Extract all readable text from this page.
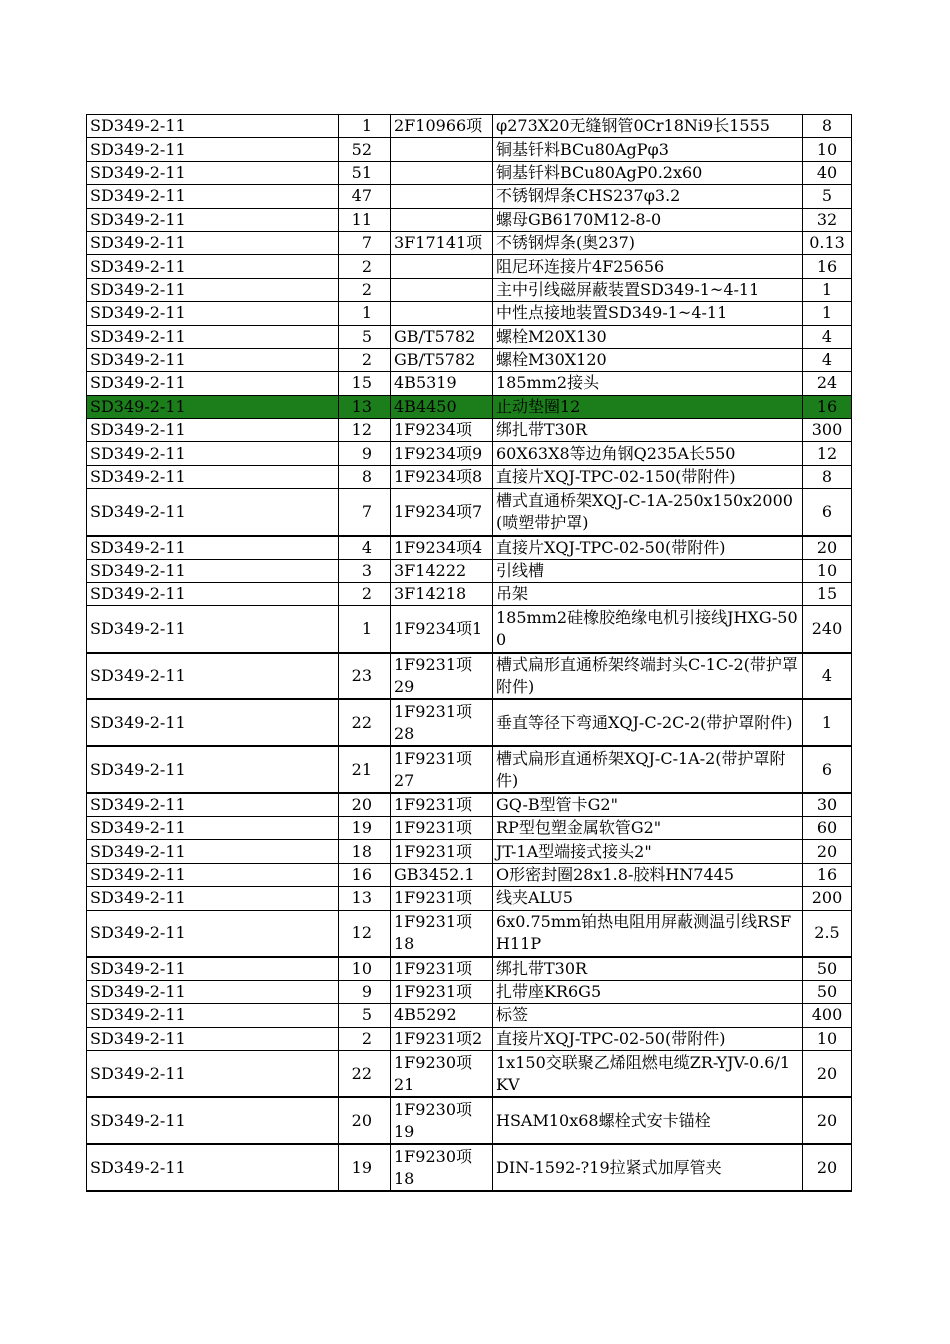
SD349-2-11	1	2F10966项	φ273X20无缝钢管0Cr18Ni9长1555	8
SD349-2-11	52		铜基钎料BCu80AgPφ3	10
SD349-2-11	51		铜基钎料BCu80AgP0.2x60	40
SD349-2-11	47		不锈钢焊条CHS237φ3.2	5
SD349-2-11	11		螺母GB6170M12-8-0	32
SD349-2-11	7	3F17141项	不锈钢焊条(奥237)	0.13
SD349-2-11	2		阻尼环连接片4F25656	16
SD349-2-11	2		主中引线磁屏蔽装置SD349-1~4-11	1
SD349-2-11	1		中性点接地装置SD349-1~4-11	1
SD349-2-11	5	GB/T5782	螺栓M20X130	4
SD349-2-11	2	GB/T5782	螺栓M30X120	4
SD349-2-11	15	4B5319	185mm2接头	24
SD349-2-11	13	4B4450	止动垫圈12	16
SD349-2-11	12	1F9234项	绑扎带T30R	300
SD349-2-11	9	1F9234项9	60X63X8等边角钢Q235A长550	12
SD349-2-11	8	1F9234项8	直接片XQJ-TPC-02-150(带附件)	8
SD349-2-11	7	1F9234项7	槽式直通桥架XQJ-C-1A-250x150x2000(喷塑带护罩)	6
SD349-2-11	4	1F9234项4	直接片XQJ-TPC-02-50(带附件)	20
SD349-2-11	3	3F14222	引线槽	10
SD349-2-11	2	3F14218	吊架	15
SD349-2-11	1	1F9234项1	185mm2硅橡胶绝缘电机引接线JHXG-500	240
SD349-2-11	23	1F9231项29	槽式扁形直通桥架终端封头C-1C-2(带护罩附件)	4
SD349-2-11	22	1F9231项28	垂直等径下弯通XQJ-C-2C-2(带护罩附件)	1
SD349-2-11	21	1F9231项27	槽式扁形直通桥架XQJ-C-1A-2(带护罩附件)	6
SD349-2-11	20	1F9231项	GQ-B型管卡G2"	30
SD349-2-11	19	1F9231项	RP型包塑金属软管G2"	60
SD349-2-11	18	1F9231项	JT-1A型端接式接头2"	20
SD349-2-11	16	GB3452.1	O形密封圈28x1.8-胶料HN7445	16
SD349-2-11	13	1F9231项	线夹ALU5	200
SD349-2-11	12	1F9231项18	6x0.75mm铂热电阻用屏蔽测温引线RSFH11P	2.5
SD349-2-11	10	1F9231项	绑扎带T30R	50
SD349-2-11	9	1F9231项	扎带座KR6G5	50
SD349-2-11	5	4B5292	标签	400
SD349-2-11	2	1F9231项2	直接片XQJ-TPC-02-50(带附件)	10
SD349-2-11	22	1F9230项21	1x150交联聚乙烯阻燃电缆ZR-YJV-0.6/1KV	20
SD349-2-11	20	1F9230项19	HSAM10x68螺栓式安卡锚栓	20
SD349-2-11	19	1F9230项18	DIN-1592-?19拉紧式加厚管夹	20
